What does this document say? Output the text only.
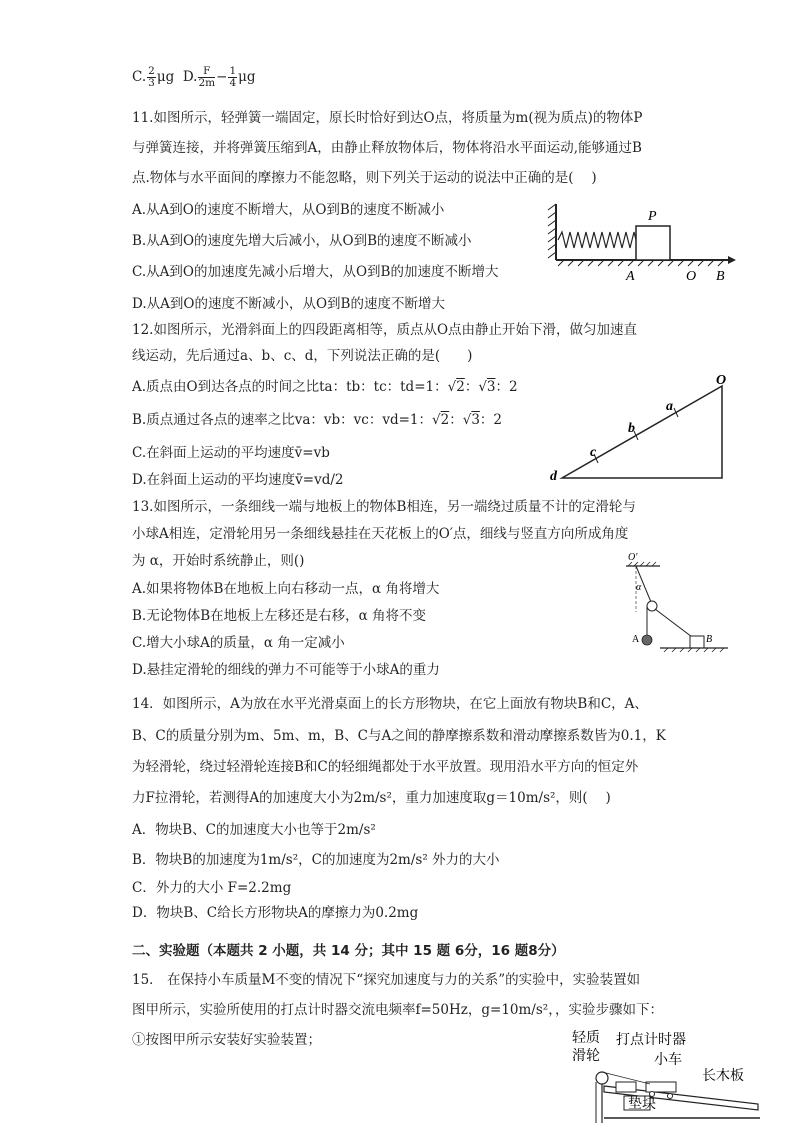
C. $\frac{2}{3}$ μg D. $\frac{F}{2m} - \frac{1}{4}$ μg
11.如图所示，轻弹簧一端固定，原长时恰好到达O点，将质量为m(视为质点)的物体P
与弹簧连接，并将弹簧压缩到A，由静止释放物体后，物体将沿水平面运动,能够通过B
点.物体与水平面间的摩擦力不能忽略，则下列关于运动的说法中正确的是(　 )
A.从A到O的速度不断增大，从O到B的速度不断减小
B.从A到O的速度先增大后减小，从O到B的速度不断减小
C.从A到O的加速度先减小后增大，从O到B的加速度不断增大
D.从A到O的速度不断减小，从O到B的速度不断增大
P
A	O B
12.如图所示，光滑斜面上的四段距离相等，质点从O点由静止开始下滑，做匀加速直
线运动，先后通过a、b、c、d，下列说法正确的是(　　)
A.质点由O到达各点的时间之比ta：tb：tc：td=1：√2：√3：2
B.质点通过各点的速率之比va：vb：vc：vd=1：√2：√3：2
C.在斜面上运动的平均速度v̄=vb
D.在斜面上运动的平均速度v̄=vd/2
O
a
b
c
d
13.如图所示，一条细线一端与地板上的物体B相连，另一端绕过质量不计的定滑轮与
小球A相连，定滑轮用另一条细线悬挂在天花板上的O′点，细线与竖直方向所成角度
为 α，开始时系统静止，则()
A.如果将物体B在地板上向右移动一点，α 角将增大
B.无论物体B在地板上左移还是右移，α 角将不变
C.增大小球A的质量，α 角一定减小
D.悬挂定滑轮的细线的弹力不可能等于小球A的重力
O′
α
A	B
14．如图所示，A为放在水平光滑桌面上的长方形物块，在它上面放有物块B和C，A、
B、C的质量分别为m、5m、m，B、C与A之间的静摩擦系数和滑动摩擦系数皆为0.1，K
为轻滑轮，绕过轻滑轮连接B和C的轻细绳都处于水平放置。现用沿水平方向的恒定外
力F拉滑轮，若测得A的加速度大小为2m/s²，重力加速度取g＝10m/s²，则(　 )
A．物块B、C的加速度大小也等于2m/s²
B．物块B的加速度为1m/s²，C的加速度为2m/s² 外力的大小
C．外力的大小 F=2.2mg
D．物块B、C给长方形物块A的摩擦力为0.2mg
二、实验题（本题共 2 小题，共 14 分；其中 15 题 6分，16 题8分）
15． 在保持小车质量M不变的情况下“探究加速度与力的关系”的实验中，实验装置如
图甲所示，实验所使用的打点计时器交流电频率f=50Hz，g=10m/s²，，实验步骤如下：
①按图甲所示安装好实验装置；	轻质
滑轮
打点计时器
小车
长木板
垫块
